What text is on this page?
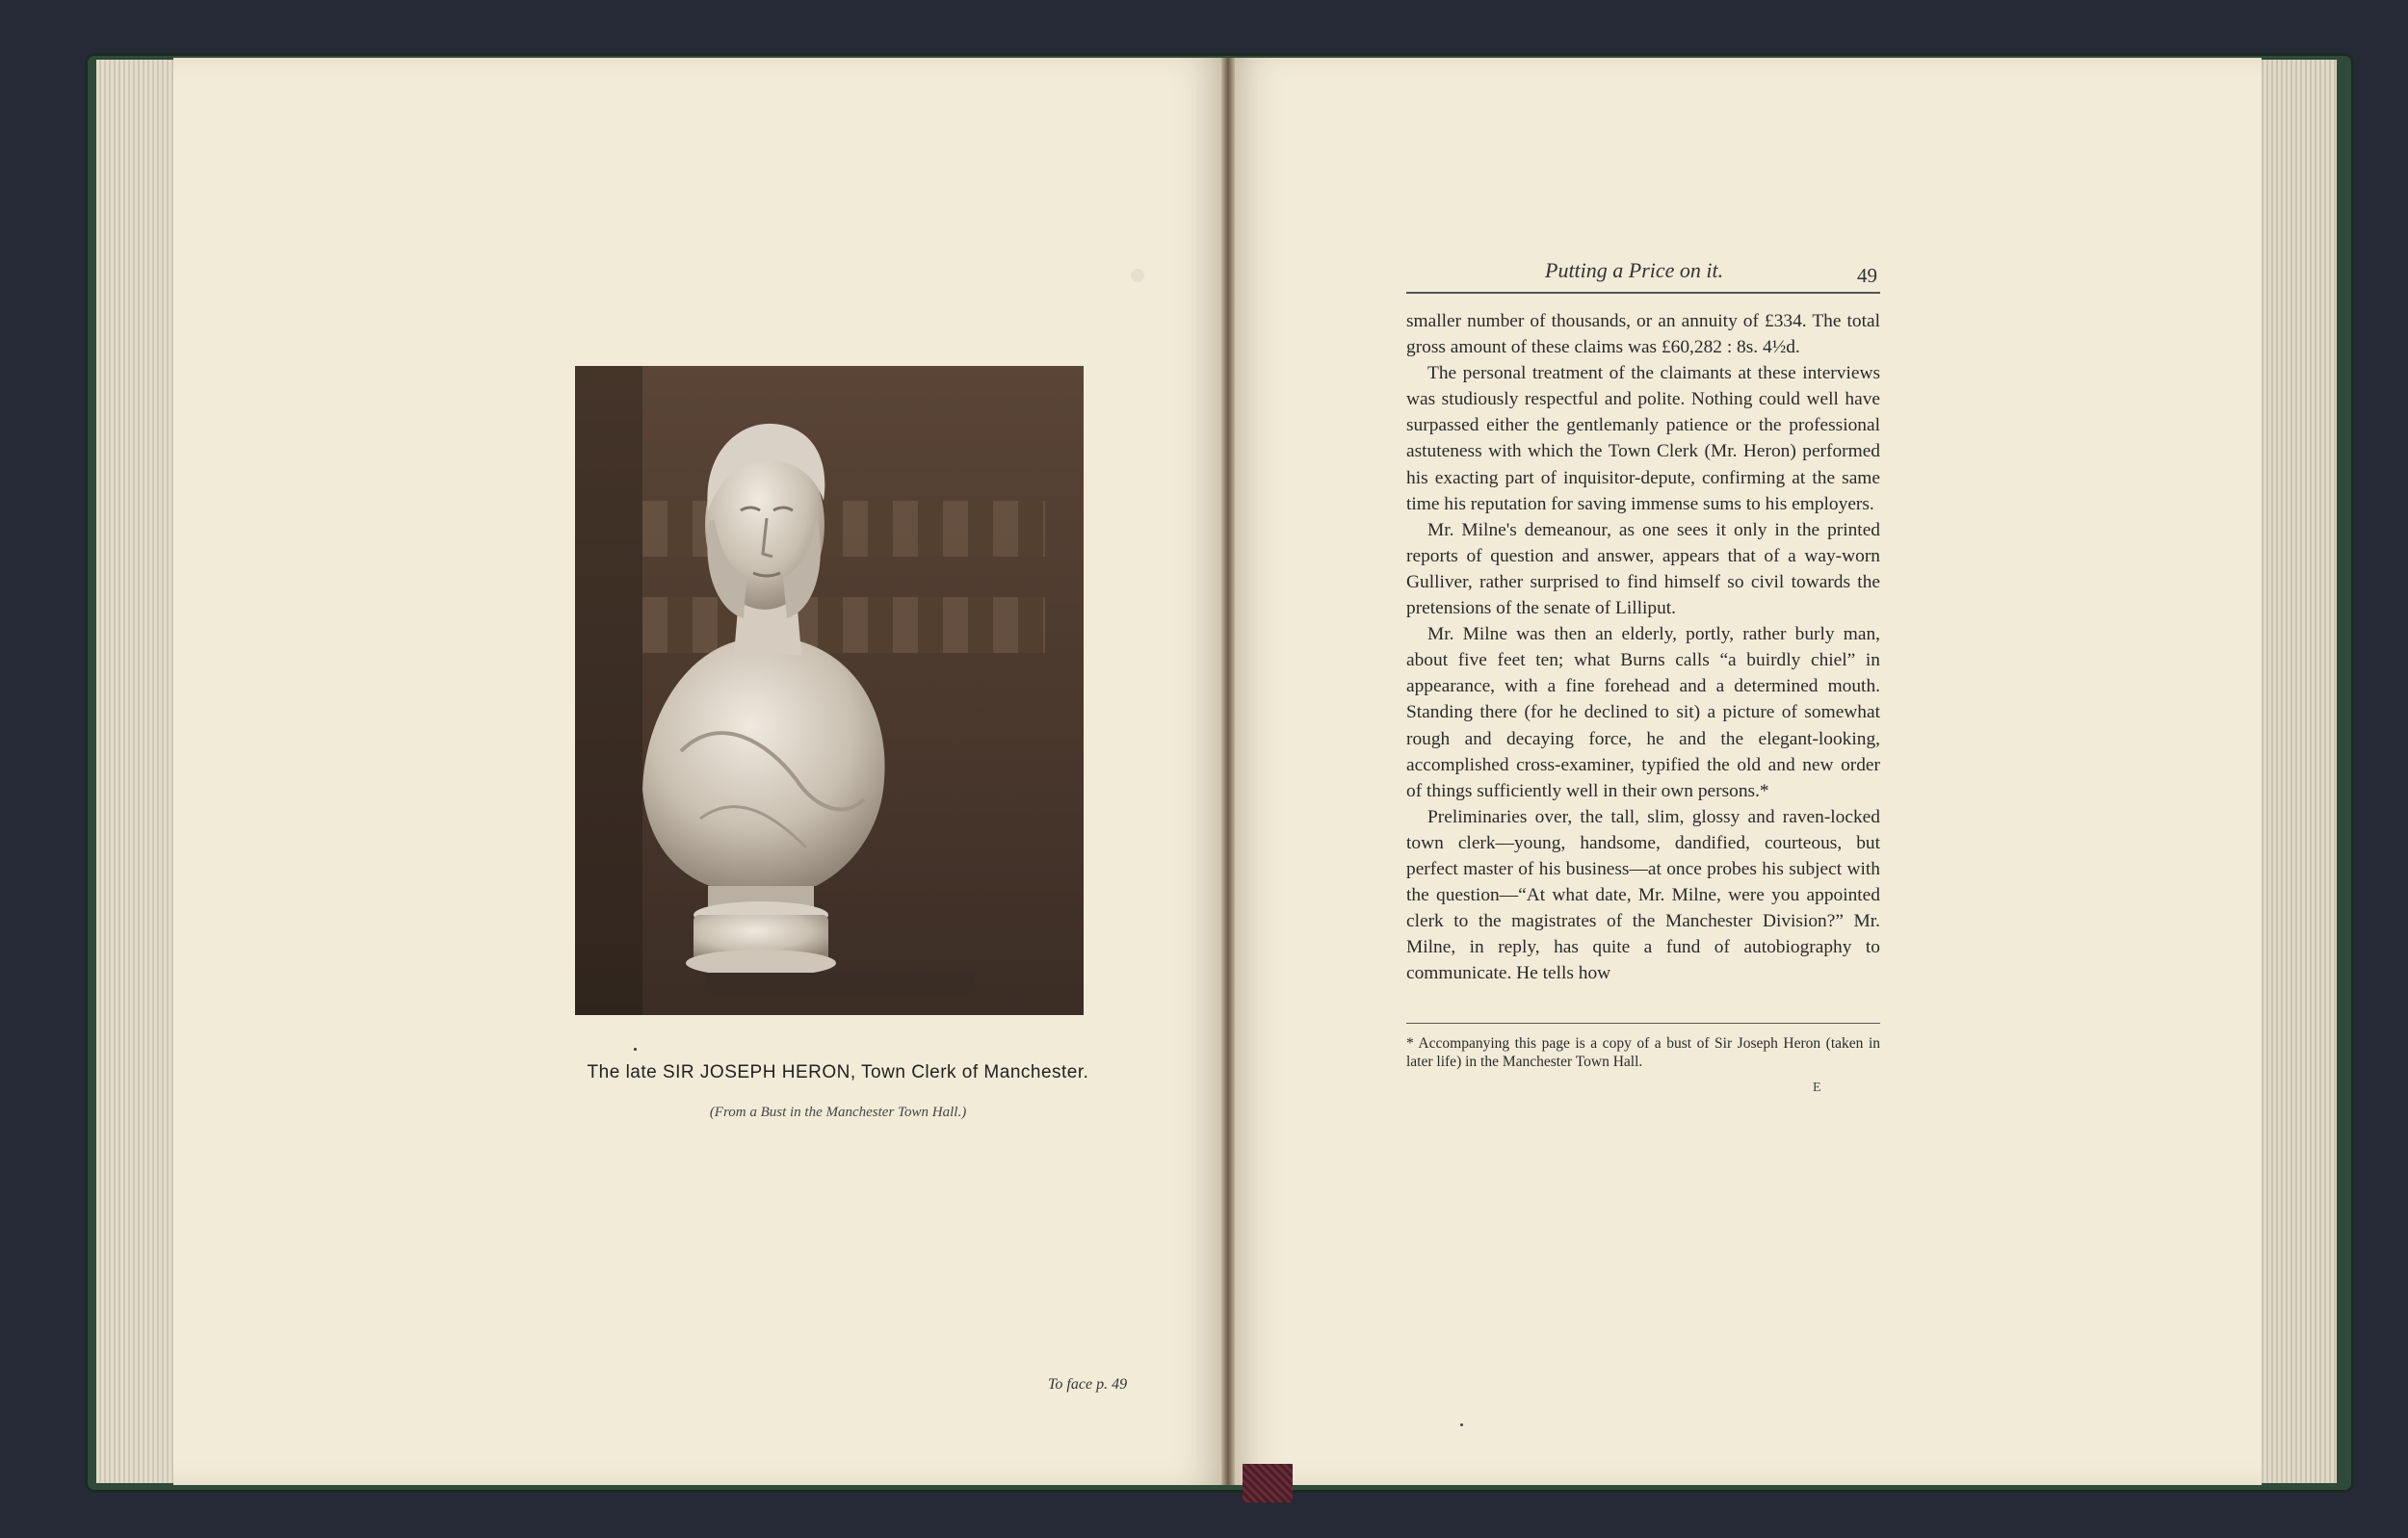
The late SIR JOSEPH HERON, Town Clerk of Manchester.
(From a Bust in the Manchester Town Hall.)
To face p. 49
Putting a Price on it.	49

smaller number of thousands, or an annuity of £334. The total gross amount of these claims was £60,282 : 8s. 4½d.

The personal treatment of the claimants at these interviews was studiously respectful and polite. Nothing could well have surpassed either the gentlemanly patience or the professional astuteness with which the Town Clerk (Mr. Heron) performed his exacting part of inquisitor-depute, confirming at the same time his reputation for saving immense sums to his employers.

Mr. Milne's demeanour, as one sees it only in the printed reports of question and answer, appears that of a way-worn Gulliver, rather surprised to find himself so civil towards the pretensions of the senate of Lilliput.

Mr. Milne was then an elderly, portly, rather burly man, about five feet ten; what Burns calls “a buirdly chiel” in appearance, with a fine forehead and a determined mouth. Standing there (for he declined to sit) a picture of somewhat rough and decaying force, he and the elegant-looking, accomplished cross-examiner, typified the old and new order of things sufficiently well in their own persons.*

Preliminaries over, the tall, slim, glossy and raven-locked town clerk—young, handsome, dandified, courteous, but perfect master of his business—at once probes his subject with the question—“At what date, Mr. Milne, were you appointed clerk to the magistrates of the Manchester Division?” Mr. Milne, in reply, has quite a fund of autobiography to communicate. He tells how

* Accompanying this page is a copy of a bust of Sir Joseph Heron (taken in later life) in the Manchester Town Hall.
E
